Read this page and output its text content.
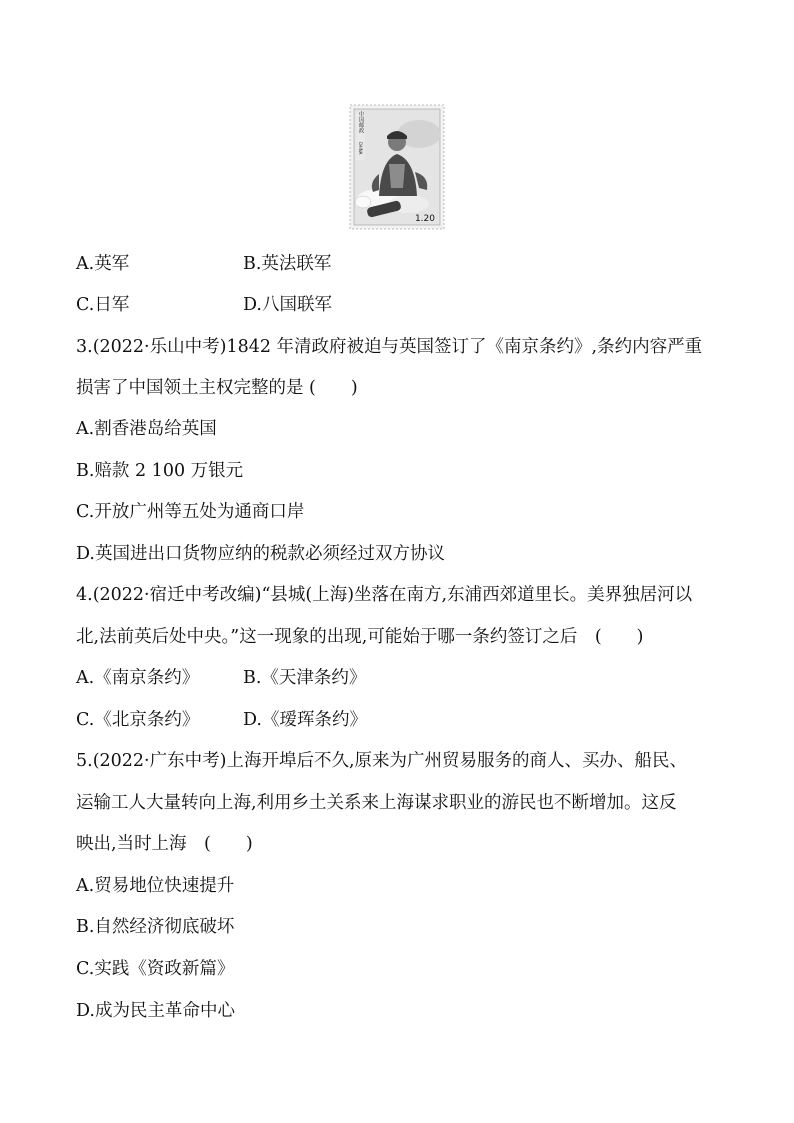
中国邮政
CHINA
1.20
A.英军	B.英法联军
C.日军	D.八国联军
3.(2022·乐山中考)1842 年清政府被迫与英国签订了《南京条约》,条约内容严重
损害了中国领土主权完整的是 (　　)
A.割香港岛给英国
B.赔款 2 100 万银元
C.开放广州等五处为通商口岸
D.英国进出口货物应纳的税款必须经过双方协议
4.(2022·宿迁中考改编)“县城(上海)坐落在南方,东浦西郊道里长。美界独居河以
北,法前英后处中央。”这一现象的出现,可能始于哪一条约签订之后　(　　)
A.《南京条约》	B.《天津条约》
C.《北京条约》 D.《瑷珲条约》
5.(2022·广东中考)上海开埠后不久,原来为广州贸易服务的商人、买办、船民、
运输工人大量转向上海,利用乡土关系来上海谋求职业的游民也不断增加。这反
映出,当时上海　(　　)
A.贸易地位快速提升
B.自然经济彻底破坏
C.实践《资政新篇》
D.成为民主革命中心
